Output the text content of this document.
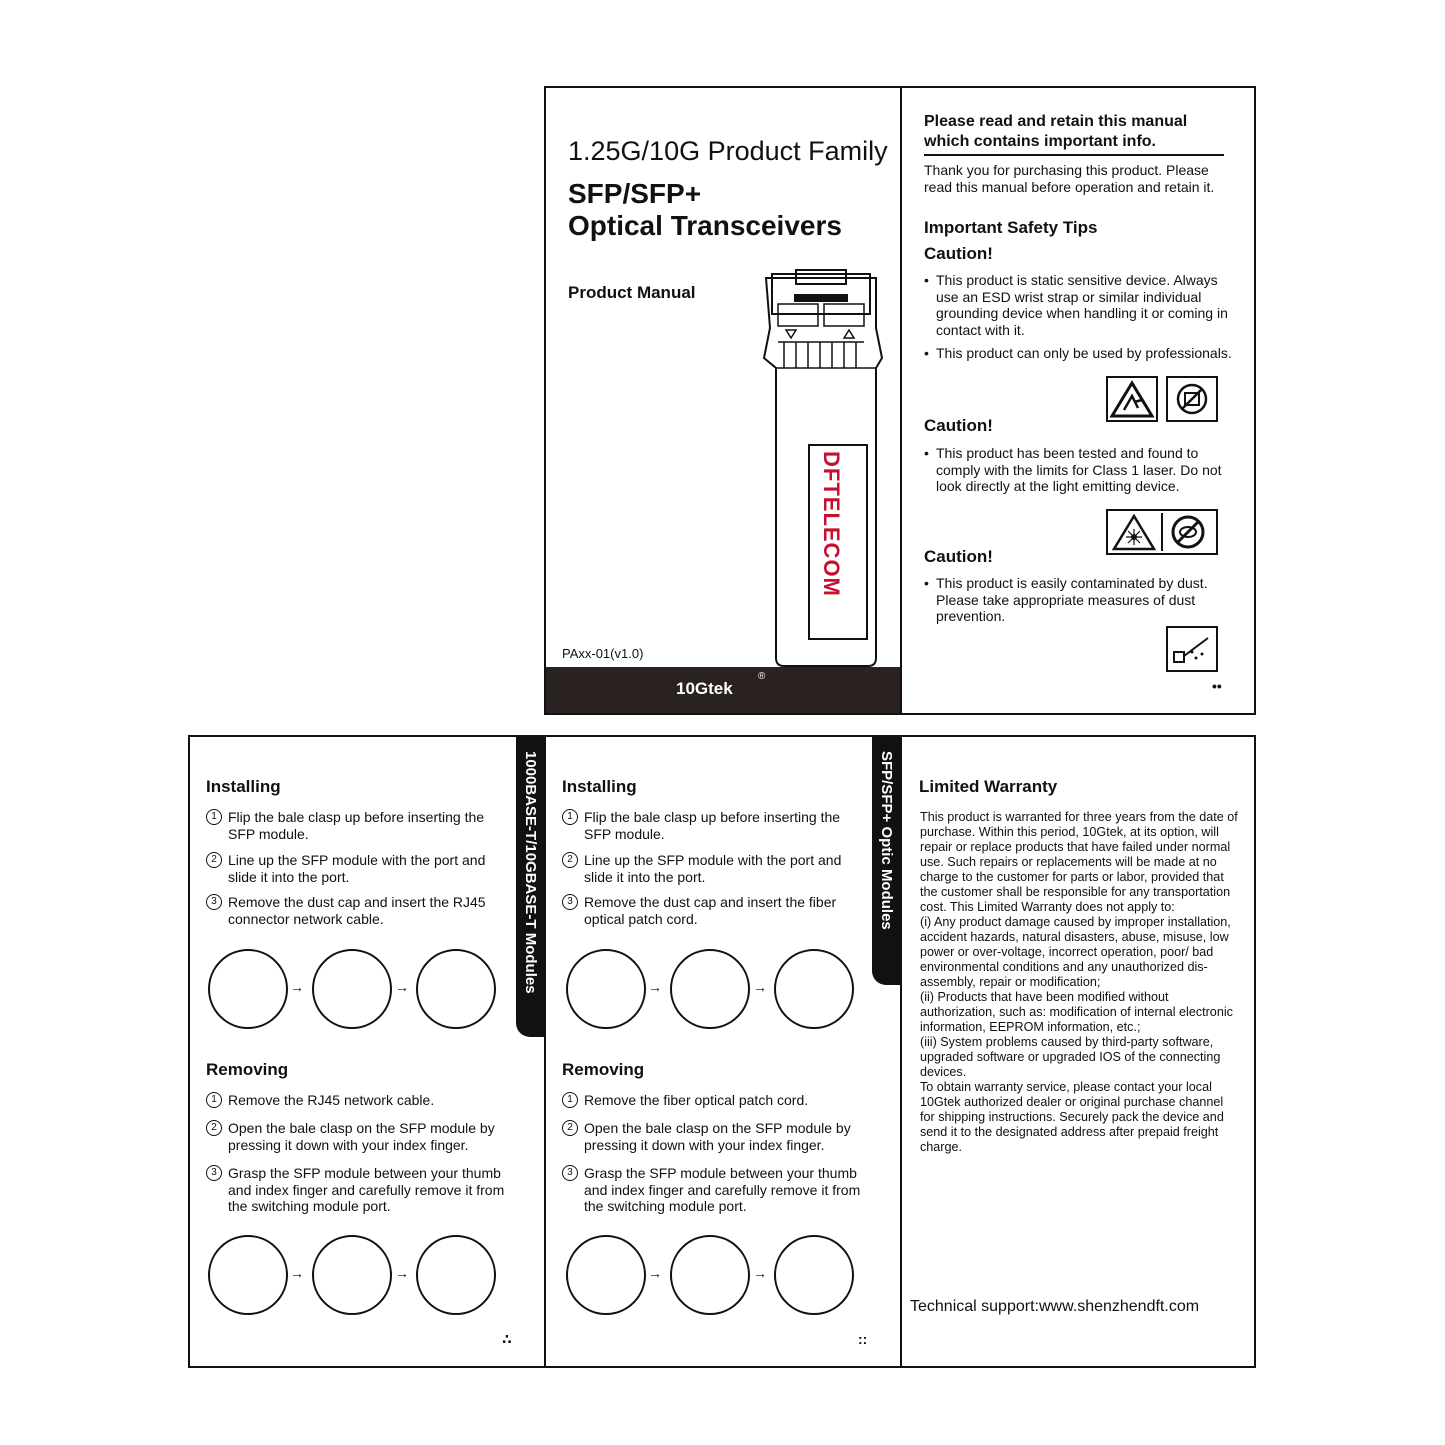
1.25G/10G Product Family
SFP/SFP+
Optical Transceivers
Product Manual
DFTELECOM
PAxx-01(v1.0)
10Gtek
®
Please read and retain this manual which contains important info.
Thank you for purchasing this product. Please read this manual before operation and retain it.
Important Safety Tips
Caution!
• This product is static sensitive device. Always use an ESD wrist strap or similar individual grounding device when handling it or coming in contact with it.
• This product can only be used by professionals.
Caution!
• This product has been tested and found to comply with the limits for Class 1 laser. Do not look directly at the light emitting device.
Caution!
• This product is easily contaminated by dust. Please take appropriate measures of dust prevention.
••
1000BASE-T/10GBASE-T Modules
Installing
1 Flip the bale clasp up before inserting the SFP module.
2 Line up the SFP module with the port and slide it into the port.
3 Remove the dust cap and insert the RJ45 connector network cable.
→	→
Removing
1 Remove the RJ45 network cable.
2 Open the bale clasp on the SFP module by pressing it down with your index finger.
3 Grasp the SFP module between your thumb and index finger and carefully remove it from the switching module port.
→	→
∴
SFP/SFP+ Optic Modules
Installing
1 Flip the bale clasp up before inserting the SFP module.
2 Line up the SFP module with the port and slide it into the port.
3 Remove the dust cap and insert the fiber optical patch cord.
→	→
Removing
1 Remove the fiber optical patch cord.
2 Open the bale clasp on the SFP module by pressing it down with your index finger.
3 Grasp the SFP module between your thumb and index finger and carefully remove it from the switching module port.
→	→
::
Limited Warranty
This product is warranted for three years from the date of purchase. Within this period, 10Gtek, at its option, will repair or replace products that have failed under normal use. Such repairs or replacements will be made at no charge to the customer for parts or labor, provided that the customer shall be responsible for any transportation cost. This Limited Warranty does not apply to:
(i) Any product damage caused by improper installation, accident hazards, natural disasters, abuse, misuse, low power or over-voltage, incorrect operation, poor/ bad environmental conditions and any unauthorized dis-assembly, repair or modification;
(ii) Products that have been modified without authorization, such as: modification of internal electronic information, EEPROM information, etc.;
(iii) System problems caused by third-party software, upgraded software or upgraded IOS of the connecting devices.
To obtain warranty service, please contact your local 10Gtek authorized dealer or original purchase channel for shipping instructions. Securely pack the device and send it to the designated address after prepaid freight charge.
Technical support:www.shenzhendft.com
